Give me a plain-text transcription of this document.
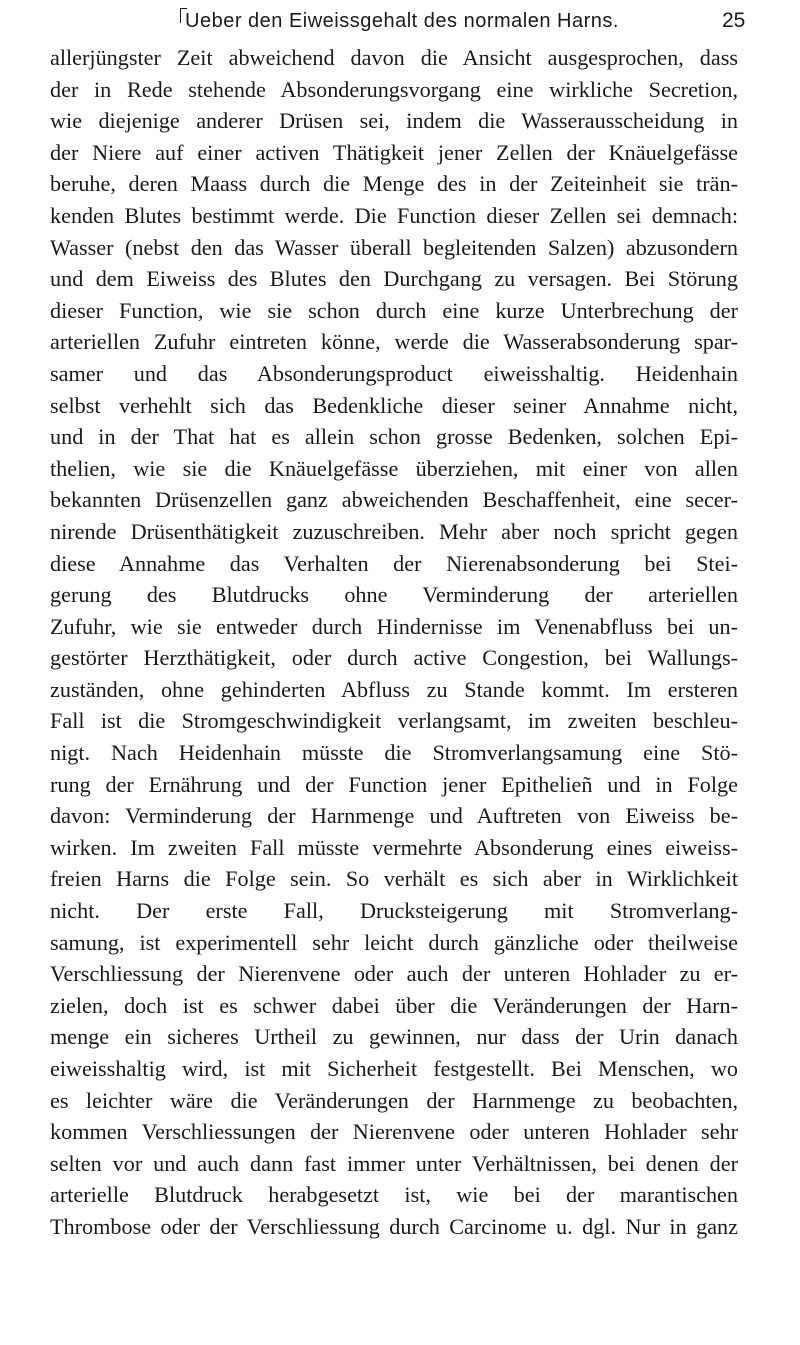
Ueber den Eiweissgehalt des normalen Harns.	25
allerjüngster Zeit abweichend davon die Ansicht ausgesprochen, dass
der in Rede stehende Absonderungsvorgang eine wirkliche Secretion,
wie diejenige anderer Drüsen sei, indem die Wasserausscheidung in
der Niere auf einer activen Thätigkeit jener Zellen der Knäuelgefässe
beruhe, deren Maass durch die Menge des in der Zeiteinheit sie trän-
kenden Blutes bestimmt werde. Die Function dieser Zellen sei demnach:
Wasser (nebst den das Wasser überall begleitenden Salzen) abzusondern
und dem Eiweiss des Blutes den Durchgang zu versagen. Bei Störung
dieser Function, wie sie schon durch eine kurze Unterbrechung der
arteriellen Zufuhr eintreten könne, werde die Wasserabsonderung spar-
samer und das Absonderungsproduct eiweisshaltig. Heidenhain
selbst verhehlt sich das Bedenkliche dieser seiner Annahme nicht,
und in der That hat es allein schon grosse Bedenken, solchen Epi-
thelien, wie sie die Knäuelgefässe überziehen, mit einer von allen
bekannten Drüsenzellen ganz abweichenden Beschaffenheit, eine secer-
nirende Drüsenthätigkeit zuzuschreiben. Mehr aber noch spricht gegen
diese Annahme das Verhalten der Nierenabsonderung bei Stei-
gerung des Blutdrucks ohne Verminderung der arteriellen
Zufuhr, wie sie entweder durch Hindernisse im Venenabfluss bei un-
gestörter Herzthätigkeit, oder durch active Congestion, bei Wallungs-
zuständen, ohne gehinderten Abfluss zu Stande kommt. Im ersteren
Fall ist die Stromgeschwindigkeit verlangsamt, im zweiten beschleu-
nigt. Nach Heidenhain müsste die Stromverlangsamung eine Stö-
rung der Ernährung und der Function jener Epithelieñ und in Folge
davon: Verminderung der Harnmenge und Auftreten von Eiweiss be-
wirken. Im zweiten Fall müsste vermehrte Absonderung eines eiweiss-
freien Harns die Folge sein. So verhält es sich aber in Wirklichkeit
nicht. Der erste Fall, Drucksteigerung mit Stromverlang-
samung, ist experimentell sehr leicht durch gänzliche oder theilweise
Verschliessung der Nierenvene oder auch der unteren Hohlader zu er-
zielen, doch ist es schwer dabei über die Veränderungen der Harn-
menge ein sicheres Urtheil zu gewinnen, nur dass der Urin danach
eiweisshaltig wird, ist mit Sicherheit festgestellt. Bei Menschen, wo
es leichter wäre die Veränderungen der Harnmenge zu beobachten,
kommen Verschliessungen der Nierenvene oder unteren Hohlader sehr
selten vor und auch dann fast immer unter Verhältnissen, bei denen der
arterielle Blutdruck herabgesetzt ist, wie bei der marantischen
Thrombose oder der Verschliessung durch Carcinome u. dgl. Nur in ganz
